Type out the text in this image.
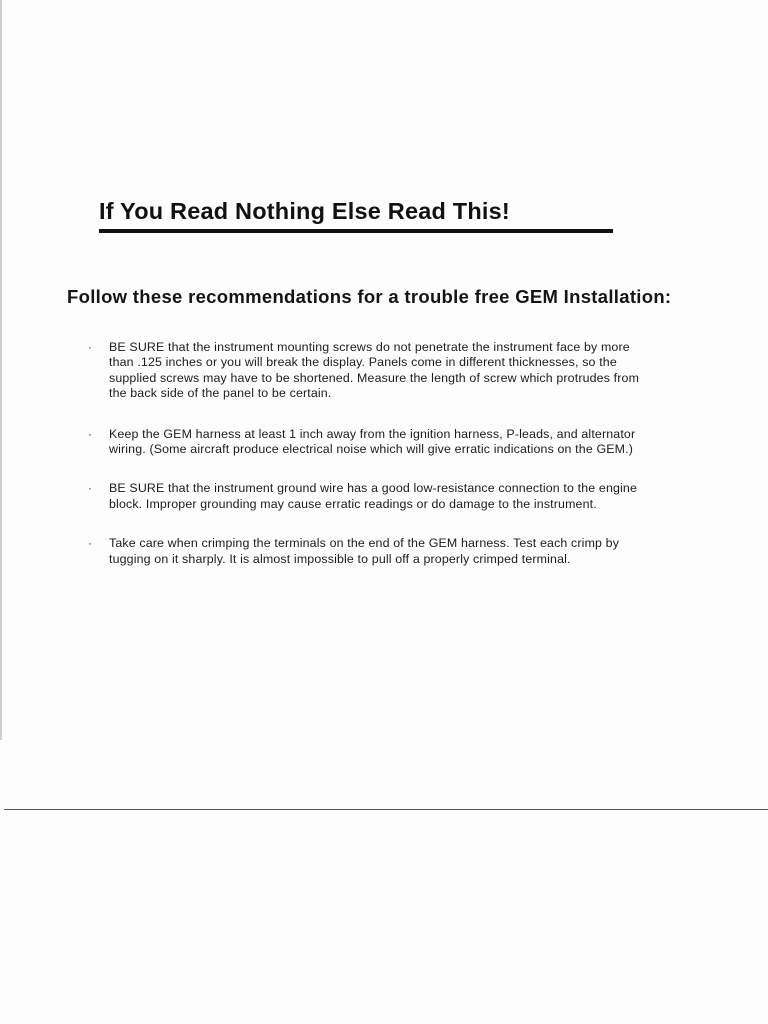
If You Read Nothing Else Read This!
Follow these recommendations for a trouble free GEM Installation:
· BE SURE that the instrument mounting screws do not penetrate the instrument face by more than .125 inches or you will break the display. Panels come in different thicknesses, so the supplied screws may have to be shortened. Measure the length of screw which protrudes from the back side of the panel to be certain.
· Keep the GEM harness at least 1 inch away from the ignition harness, P-leads, and alternator wiring. (Some aircraft produce electrical noise which will give erratic indications on the GEM.)
· BE SURE that the instrument ground wire has a good low-resistance connection to the engine block. Improper grounding may cause erratic readings or do damage to the instrument.
· Take care when crimping the terminals on the end of the GEM harness. Test each crimp by tugging on it sharply. It is almost impossible to pull off a properly crimped terminal.
